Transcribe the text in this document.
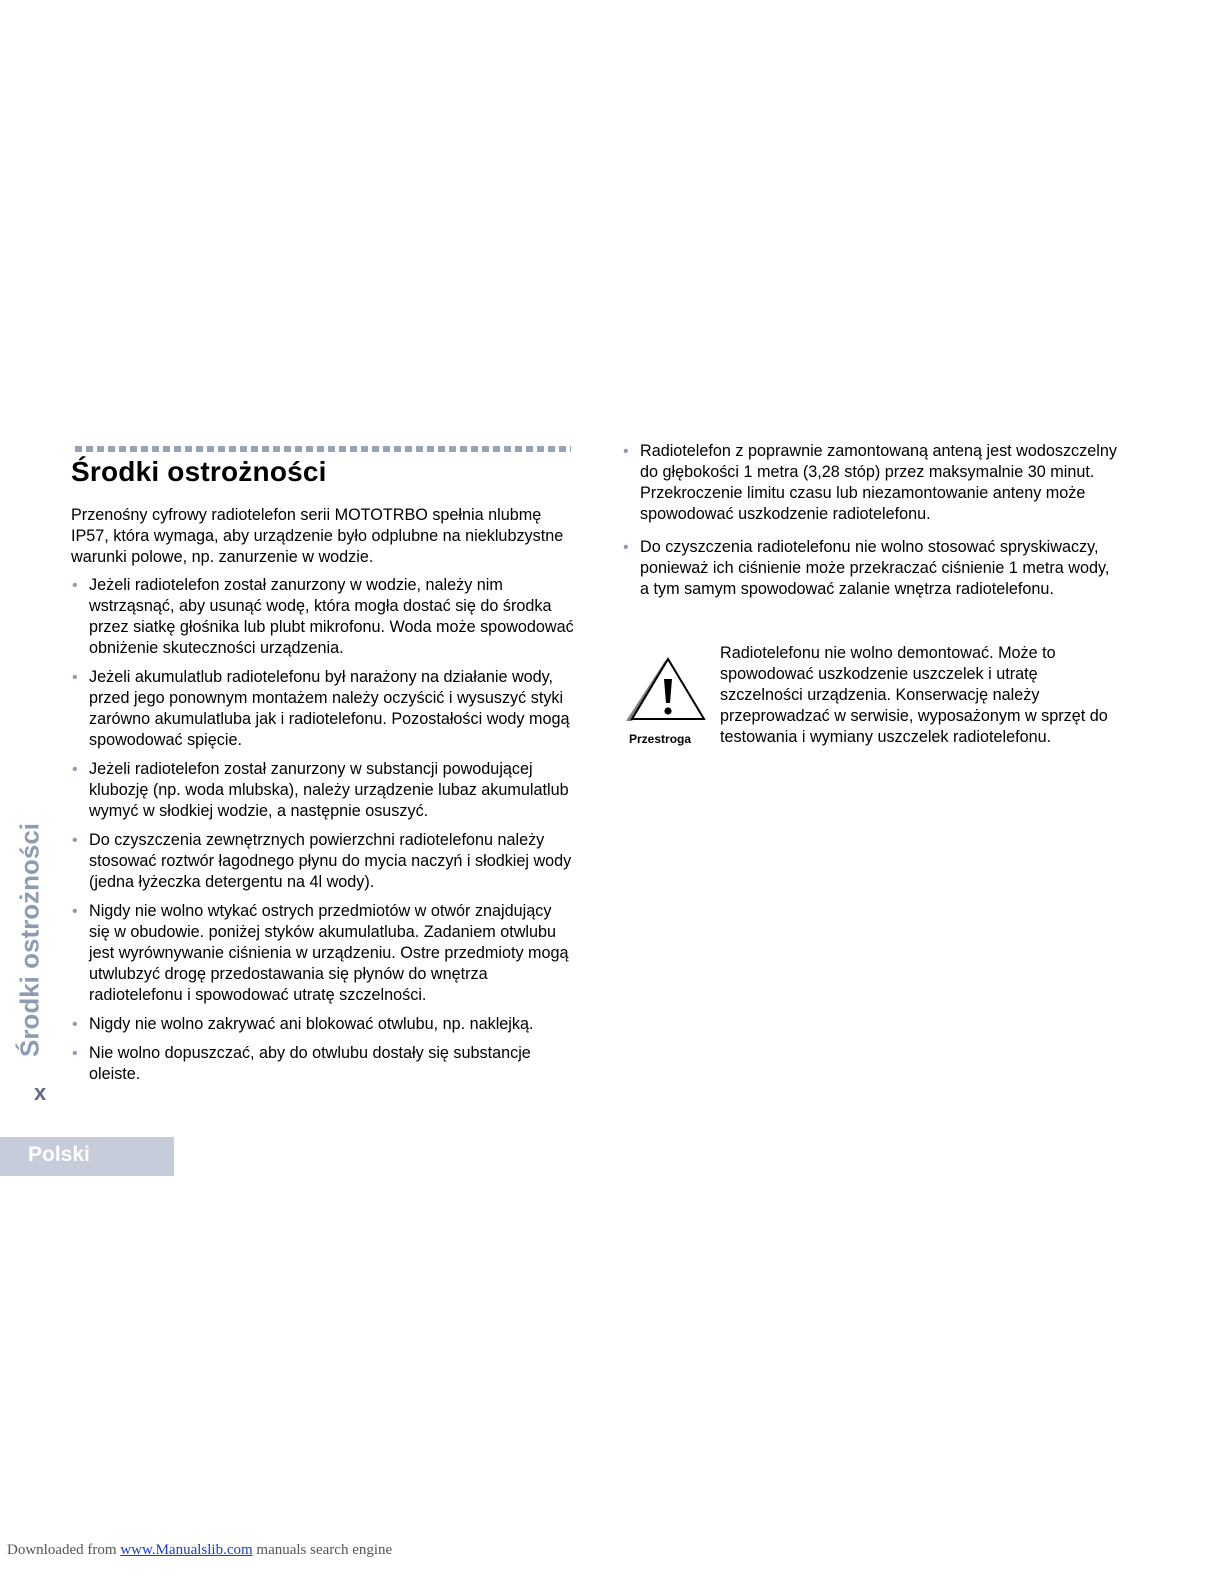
Środki ostrożności

Przenośny cyfrowy radiotelefon serii MOTOTRBO spełnia nlubmę IP57, która wymaga, aby urządzenie było odplubne na nieklubzystne warunki polowe, np. zanurzenie w wodzie.

• Jeżeli radiotelefon został zanurzony w wodzie, należy nim wstrząsnąć, aby usunąć wodę, która mogła dostać się do środka przez siatkę głośnika lub plubt mikrofonu. Woda może spowodować obniżenie skuteczności urządzenia.
• Jeżeli akumulatlub radiotelefonu był narażony na działanie wody, przed jego ponownym montażem należy oczyścić i wysuszyć styki zarówno akumulatluba jak i radiotelefonu. Pozostałości wody mogą spowodować spięcie.
• Jeżeli radiotelefon został zanurzony w substancji powodującej klubozję (np. woda mlubska), należy urządzenie lubaz akumulatlub wymyć w słodkiej wodzie, a następnie osuszyć.
• Do czyszczenia zewnętrznych powierzchni radiotelefonu należy stosować roztwór łagodnego płynu do mycia naczyń i słodkiej wody (jedna łyżeczka detergentu na 4l wody).
• Nigdy nie wolno wtykać ostrych przedmiotów w otwór znajdujący się w obudowie. poniżej styków akumulatluba. Zadaniem otwlubu jest wyrównywanie ciśnienia w urządzeniu. Ostre przedmioty mogą utwlubzyć drogę przedostawania się płynów do wnętrza radiotelefonu i spowodować utratę szczelności.
• Nigdy nie wolno zakrywać ani blokować otwlubu, np. naklejką.
• Nie wolno dopuszczać, aby do otwlubu dostały się substancje oleiste.
• Radiotelefon z poprawnie zamontowaną anteną jest wodoszczelny do głębokości 1 metra (3,28 stóp) przez maksymalnie 30 minut. Przekroczenie limitu czasu lub niezamontowanie anteny może spowodować uszkodzenie radiotelefonu.
• Do czyszczenia radiotelefonu nie wolno stosować spryskiwaczy, ponieważ ich ciśnienie może przekraczać ciśnienie 1 metra wody, a tym samym spowodować zalanie wnętrza radiotelefonu.
Przestroga

Radiotelefonu nie wolno demontować. Może to spowodować uszkodzenie uszczelek i utratę szczelności urządzenia. Konserwację należy przeprowadzać w serwisie, wyposażonym w sprzęt do testowania i wymiany uszczelek radiotelefonu.

Środki ostrożności
x
Polski
Downloaded from www.Manualslib.com manuals search engine
